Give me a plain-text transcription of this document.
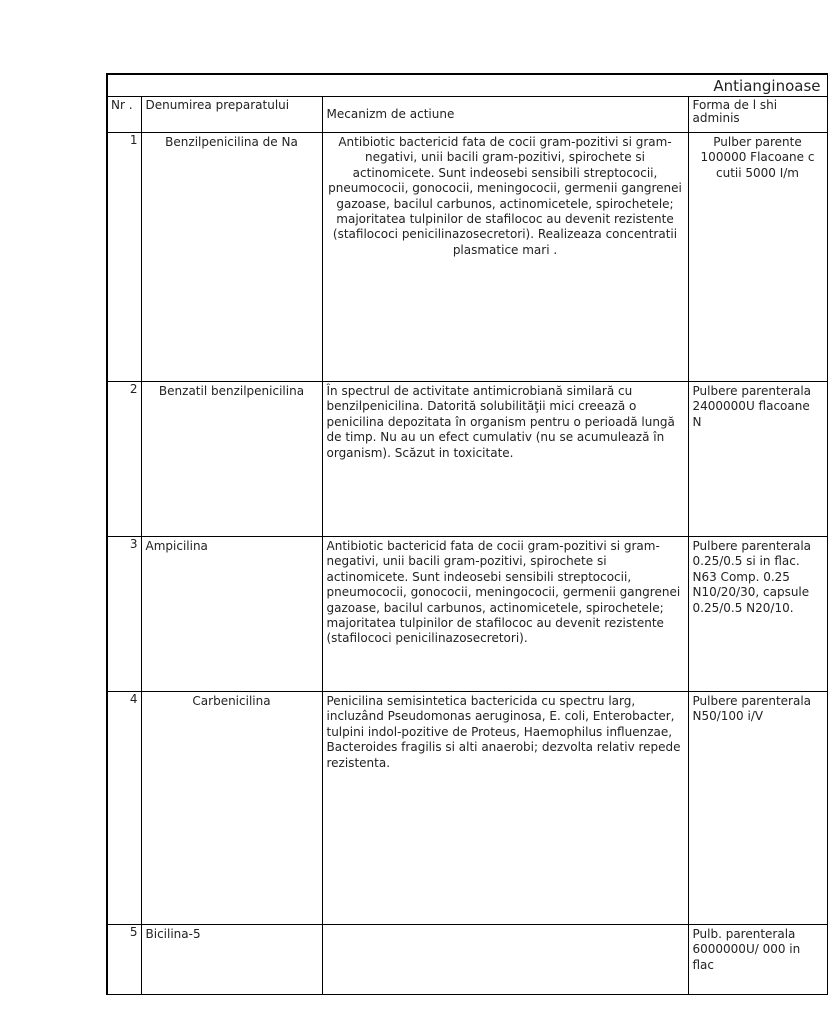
Antianginoase			

Nr .	Denumirea preparatului	Mecanizm de actiune	Forma de l shi adminis
1	Benzilpenicilina de Na	Antibiotic bactericid fata de cocii gram-pozitivi si gram-negativi, unii bacili gram-pozitivi, spirochete si actinomicete. Sunt indeosebi sensibili streptococii, pneumococii, gonococii, meningococii, germenii gangrenei gazoase, bacilul carbunos, actinomicetele, spirochetele; majoritatea tulpinilor de stafilococ au devenit rezistente (stafilococi penicilinazosecretori). Realizeaza concentratii plasmatice mari .	Pulber parente 100000 Flacoane c cutii 5000 I/m
2	Benzatil benzilpenicilina	În spectrul de activitate antimicrobiană similară cu benzilpenicilina. Datorită solubilităţii mici creează o penicilina depozitata în organism pentru o perioadă lungă de timp. Nu au un efect cumulativ (nu se acumulează în organism). Scăzut in toxicitate.	Pulbere parenterala 2400000U flacoane N
3	Ampicilina	Antibiotic bactericid fata de cocii gram-pozitivi si gram-negativi, unii bacili gram-pozitivi, spirochete si actinomicete. Sunt indeosebi sensibili streptococii, pneumococii, gonococii, meningococii, germenii gangrenei gazoase, bacilul carbunos, actinomicetele, spirochetele; majoritatea tulpinilor de stafilococ au devenit rezistente (stafilococi penicilinazosecretori).	Pulbere parenterala 0.25/0.5 si in flac. N63 Comp. 0.25 N10/20/30, capsule 0.25/0.5 N20/10.
4	Carbenicilina	Penicilina semisintetica bactericida cu spectru larg, incluzând Pseudomonas aeruginosa, E. coli, Enterobacter, tulpini indol-pozitive de Proteus, Haemophilus influenzae, Bacteroides fragilis si alti anaerobi; dezvolta relativ repede rezistenta.	Pulbere parenterala N50/100 i/V
5	Bicilina-5		Pulb. parenterala 6000000U/ 000 in flac
